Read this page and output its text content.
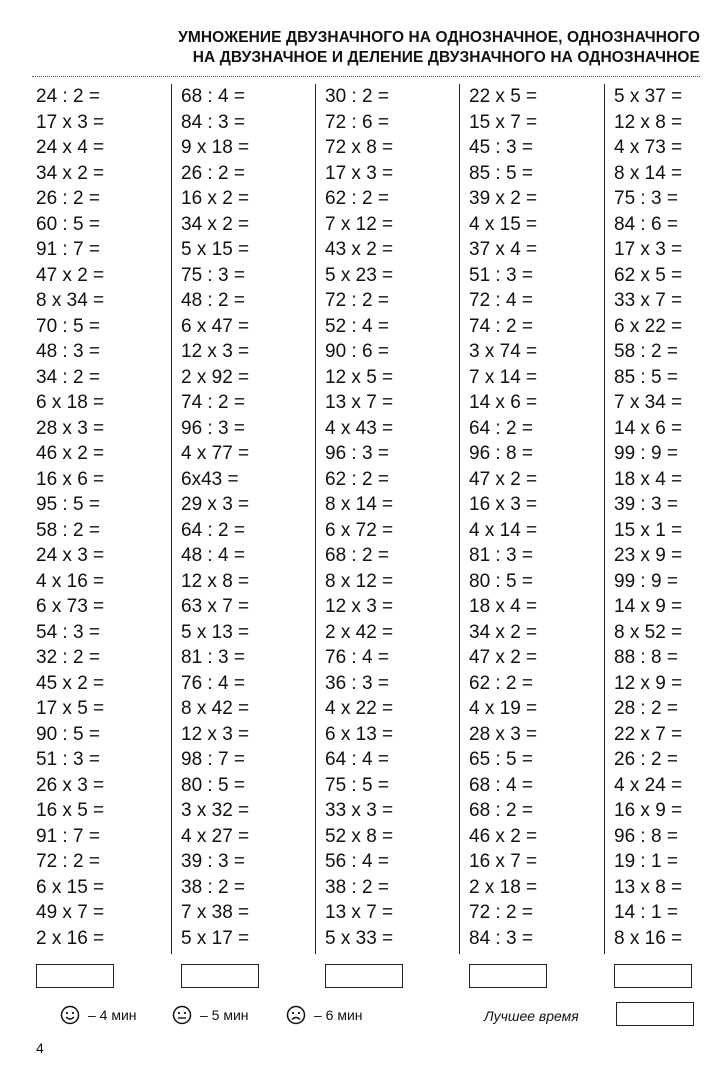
УМНОЖЕНИЕ ДВУЗНАЧНОГО НА ОДНОЗНАЧНОЕ, ОДНОЗНАЧНОГО
НА ДВУЗНАЧНОЕ И ДЕЛЕНИЕ ДВУЗНАЧНОГО НА ОДНОЗНАЧНОЕ
24 : 2 =
17 x 3 =
24 x 4 =
34 x 2 =
26 : 2 =
60 : 5 =
91 : 7 =
47 x 2 =
8 x 34 =
70 : 5 =
48 : 3 =
34 : 2 =
6 x 18 =
28 x 3 =
46 x 2 =
16 x 6 =
95 : 5 =
58 : 2 =
24 x 3 =
4 x 16 =
6 x 73 =
54 : 3 =
32 : 2 =
45 x 2 =
17 x 5 =
90 : 5 =
51 : 3 =
26 x 3 =
16 x 5 =
91 : 7 =
72 : 2 =
6 x 15 =
49 x 7 =
2 x 16 =
68 : 4 =
84 : 3 =
9 x 18 =
26 : 2 =
16 x 2 =
34 x 2 =
5 x 15 =
75 : 3 =
48 : 2 =
6 x 47 =
12 x 3 =
2 x 92 =
74 : 2 =
96 : 3 =
4 x 77 =
6x43 =
29 x 3 =
64 : 2 =
48 : 4 =
12 x 8 =
63 x 7 =
5 x 13 =
81 : 3 =
76 : 4 =
8 x 42 =
12 x 3 =
98 : 7 =
80 : 5 =
3 x 32 =
4 x 27 =
39 : 3 =
38 : 2 =
7 x 38 =
5 x 17 =
30 : 2 =
72 : 6 =
72 x 8 =
17 x 3 =
62 : 2 =
7 x 12 =
43 x 2 =
5 x 23 =
72 : 2 =
52 : 4 =
90 : 6 =
12 x 5 =
13 x 7 =
4 x 43 =
96 : 3 =
62 : 2 =
8 x 14 =
6 x 72 =
68 : 2 =
8 x 12 =
12 x 3 =
2 x 42 =
76 : 4 =
36 : 3 =
4 x 22 =
6 x 13 =
64 : 4 =
75 : 5 =
33 x 3 =
52 x 8 =
56 : 4 =
38 : 2 =
13 x 7 =
5 x 33 =
22 x 5 =
15 x 7 =
45 : 3 =
85 : 5 =
39 x 2 =
4 x 15 =
37 x 4 =
51 : 3 =
72 : 4 =
74 : 2 =
3 x 74 =
7 x 14 =
14 x 6 =
64 : 2 =
96 : 8 =
47 x 2 =
16 x 3 =
4 x 14 =
81 : 3 =
80 : 5 =
18 x 4 =
34 x 2 =
47 x 2 =
62 : 2 =
4 x 19 =
28 x 3 =
65 : 5 =
68 : 4 =
68 : 2 =
46 x 2 =
16 x 7 =
2 x 18 =
72 : 2 =
84 : 3 =
5 x 37 =
12 x 8 =
4 x 73 =
8 x 14 =
75 : 3 =
84 : 6 =
17 x 3 =
62 x 5 =
33 x 7 =
6 x 22 =
58 : 2 =
85 : 5 =
7 x 34 =
14 x 6 =
99 : 9 =
18 x 4 =
39 : 3 =
15 x 1 =
23 x 9 =
99 : 9 =
14 x 9 =
8 x 52 =
88 : 8 =
12 x 9 =
28 : 2 =
22 x 7 =
26 : 2 =
4 x 24 =
16 x 9 =
96 : 8 =
19 : 1 =
13 x 8 =
14 : 1 =
8 x 16 =
– 4 мин	– 5 мин	– 6 мин	Лучшее время
4
